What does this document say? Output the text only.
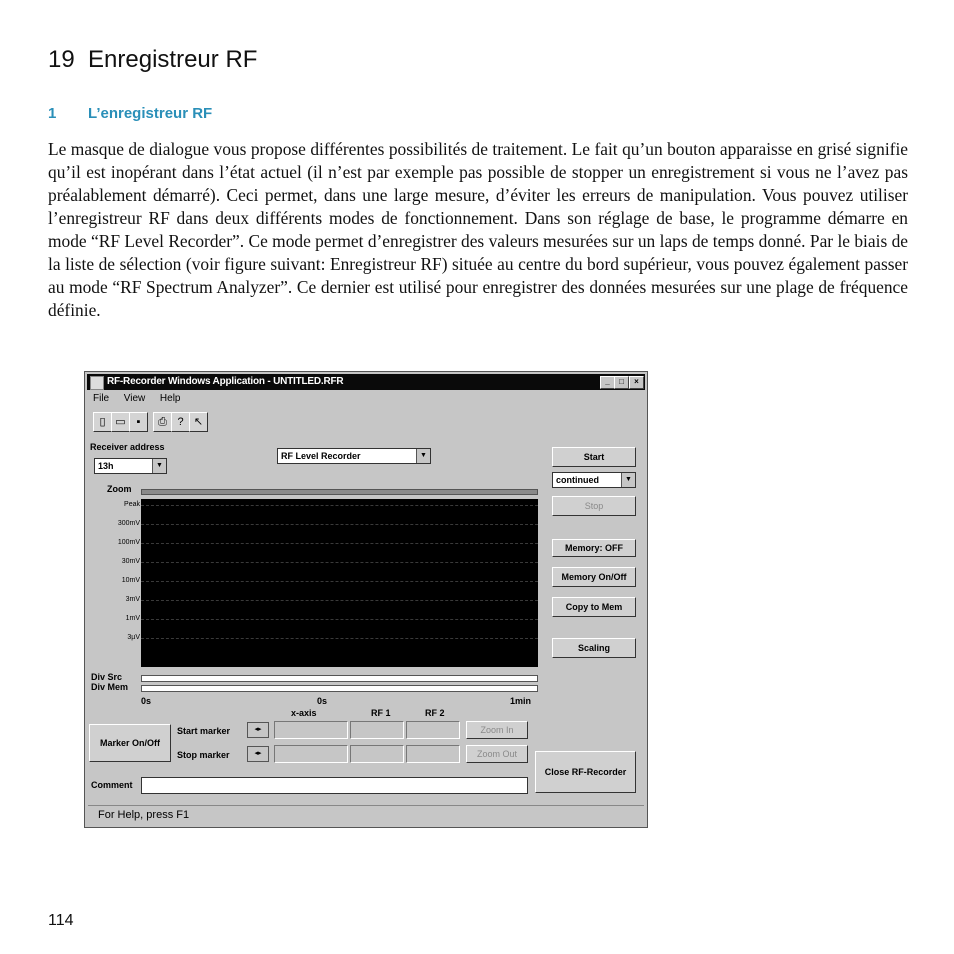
19 Enregistreur RF
1 L’enregistreur RF

Le masque de dialogue vous propose différentes possibilités de traitement. Le fait qu’un bouton apparaisse en grisé signifie qu’il est inopérant dans l’état actuel (il n’est par exemple pas possible de stopper un enregistrement si vous ne l’avez pas préalablement démarré). Ceci permet, dans une large mesure, d’éviter les erreurs de manipulation. Vous pouvez utiliser l’enregistreur RF dans deux différents modes de fonctionnement. Dans son réglage de base, le programme démarre en mode “RF Level Recorder”. Ce mode permet d’enregistrer des valeurs mesurées sur un laps de temps donné. Par le biais de la liste de sélection (voir figure suivant: Enregistreur RF) située au centre du bord supérieur, vous pouvez également passer au mode “RF Spectrum Analyzer”. Ce dernier est utilisé pour enregistrer des données mesurées sur une plage de fréquence définie.

RF-Recorder Windows Application - UNTITLED.RFR	_	□	×
File View Help
▯ ▭ ▪	⎙ ? ↖
Receiver address
13h	▼
RF Level Recorder	▼
Zoom
Peak
300mV
100mV
30mV
10mV
3mV
1mV
3µV
Div Src
Div Mem
0s	0s	1min
x-axis	RF 1	RF 2
Marker On/Off
Start marker	◂▸	Zoom In
Stop marker	◂▸	Zoom Out
Comment
Start
continued	▼
Stop
Memory: OFF
Memory On/Off
Copy to Mem
Scaling
Close RF-Recorder
For Help, press F1
114
